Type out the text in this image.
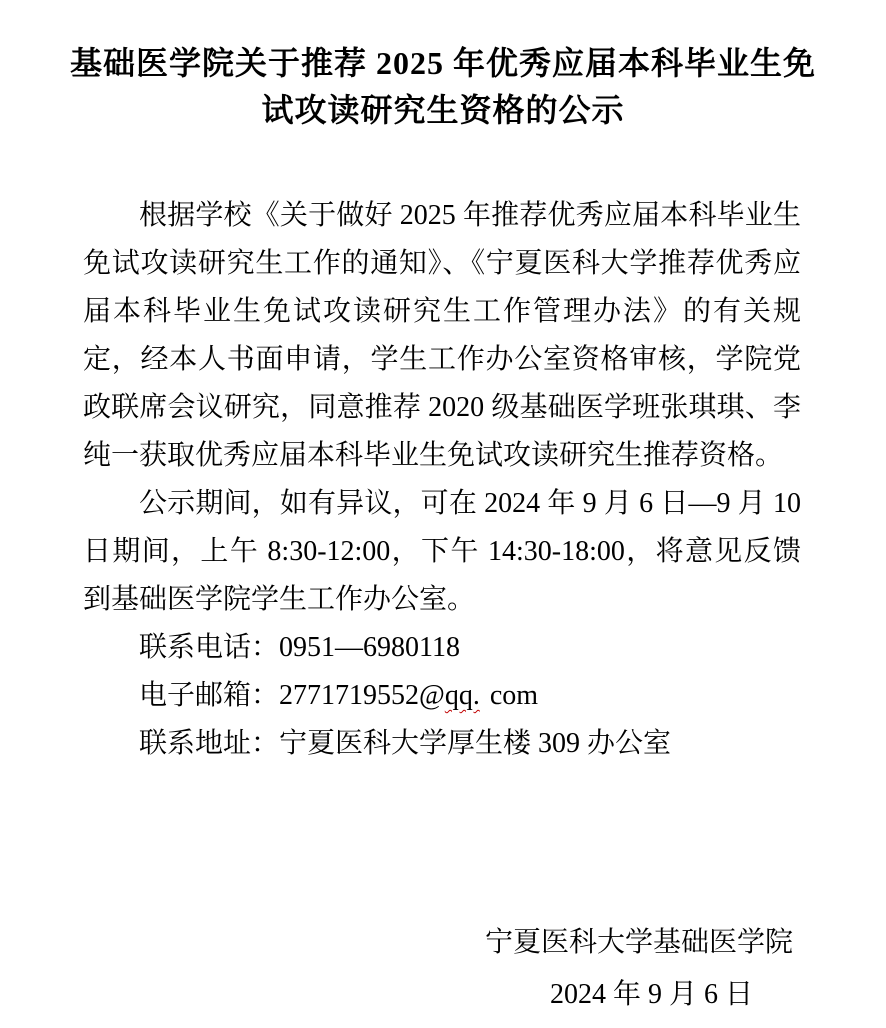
基础医学院关于推荐 2025 年优秀应届本科毕业生免
试攻读研究生资格的公示

根据学校《关于做好 2025 年推荐优秀应届本科毕业生免试攻读研究生工作的通知》、《宁夏医科大学推荐优秀应届本科毕业生免试攻读研究生工作管理办法》的有关规定，经本人书面申请，学生工作办公室资格审核，学院党政联席会议研究，同意推荐 2020 级基础医学班张琪琪、李纯一获取优秀应届本科毕业生免试攻读研究生推荐资格。

公示期间，如有异议，可在 2024 年 9 月 6 日—9 月 10 日期间，上午 8:30-12:00，下午 14:30-18:00，将意见反馈到基础医学院学生工作办公室。

联系电话：0951—6980118

电子邮箱：2771719552@qq. com

联系地址：宁夏医科大学厚生楼 309 办公室

宁夏医科大学基础医学院
2024 年 9 月 6 日
